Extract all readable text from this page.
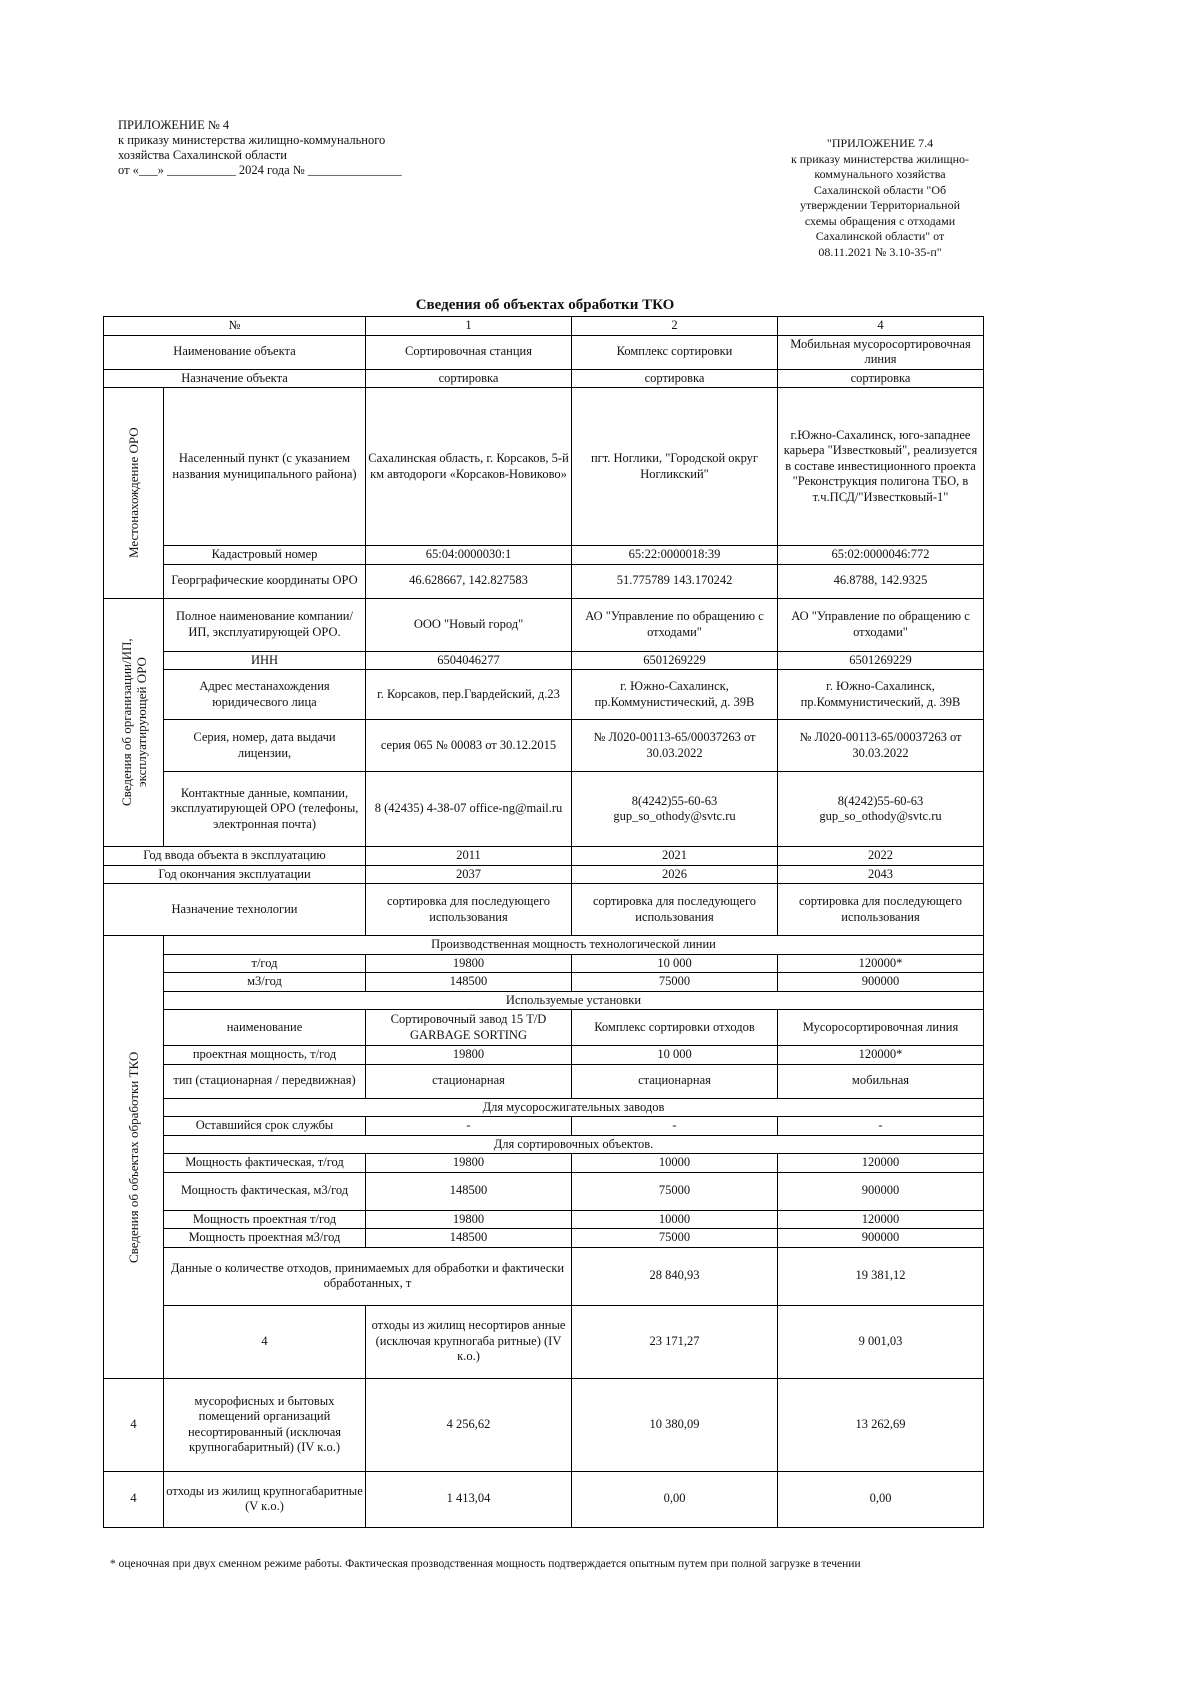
ПРИЛОЖЕНИЕ № 4
к приказу министерства жилищно-коммунального
хозяйства Сахалинской области
от «___» ___________ 2024 года № _______________
"ПРИЛОЖЕНИЕ 7.4
к приказу министерства жилищно-
коммунального хозяйства
Сахалинской области "Об
утверждении Территориальной
схемы обращения с отходами
Сахалинской области" от
08.11.2021 № 3.10-35-п"
Сведения об объектах обработки ТКО
№		1	2	4	
Наименование объекта		Сортировочная станция	Комплекс сортировки	Мобильная мусоросортировочная линия	
Назначение объекта		сортировка	сортировка	сортировка	

Местонахождение ОРО	Населенный пункт (с указанием названия муниципального района)	Сахалинская область, г. Корсаков, 5-й км автодороги «Корсаков-Новиково»	пгт. Ноглики, "Городской округ Ногликский"	г.Южно-Сахалинск, юго-западнее карьера "Известковый", реализуется в составе инвестиционного проекта "Реконструкция полигона ТБО, в т.ч.ПСД/"Известковый-1"	
	Кадастровый номер	65:04:0000030:1	65:22:0000018:39	65:02:0000046:772	
	Георграфические координаты ОРО	46.628667, 142.827583	51.775789 143.170242	46.8788, 142.9325	

Сведения об организации/ИП, эксплуатирующей ОРО	Полное наименование компании/ИП, эксплуатирующей ОРО.	ООО "Новый город"	АО "Управление по обращению с отходами"	АО "Управление по обращению с отходами"	
	ИНН	6504046277	6501269229	6501269229	
	Адрес местанахождения юридичесвого лица	г. Корсаков, пер.Гвардейский, д.23	г. Южно-Сахалинск, пр.Коммунистический, д. 39В	г. Южно-Сахалинск, пр.Коммунистический, д. 39В	
	Серия, номер, дата выдачи лицензии,	серия 065 № 00083 от 30.12.2015	№ Л020-00113-65/00037263 от 30.03.2022	№ Л020-00113-65/00037263 от 30.03.2022	
	Контактные данные, компании, эксплуатирующей ОРО (телефоны, электронная почта)	8 (42435) 4-38-07 office-ng@mail.ru	8(4242)55-60-63 gup_so_othody@svtc.ru	8(4242)55-60-63 gup_so_othody@svtc.ru	
Год ввода объекта в эксплуатацию		2011	2021	2022	
Год окончания эксплуатации		2037	2026	2043	
Назначение технологии		сортировка для последующего использования	сортировка для последующего использования	сортировка для последующего использования	

Сведения об объектах обработки ТКО	Производственная мощность технологической линии				
	т/год	19800	10 000	120000*	
	м3/год	148500	75000	900000	
	Используемые установки				
	наименование	Сортировочный завод 15 T/D GARBAGE SORTING	Комплекс сортировки отходов	Мусоросортировочная линия	
	проектная мощность, т/год	19800	10 000	120000*	
	тип (стационарная / передвижная)	стационарная	стационарная	мобильная	
	Для мусоросжигательных заводов				
	Оставшийся срок службы	-	-	-	
	Для сортировочных объектов.				
	Мощность фактическая, т/год	19800	10000	120000	
	Мощность фактическая, м3/год	148500	75000	900000	
	Мощность проектная т/год	19800	10000	120000	
	Мощность проектная м3/год	148500	75000	900000	
	Данные о количестве отходов, принимаемых для обработки и фактически обработанных, т		28 840,93	19 381,12	
	4	отходы из жилищ несортиров анные (исключая крупногаба ритные) (IV к.о.)	23 171,27	9 001,03	
4	мусорофисных и бытовых помещений организаций несортированный (исключая крупногабаритный) (IV к.о.)	4 256,62	10 380,09	13 262,69	
4	отходы из жилищ крупногабаритные (V к.о.)	1 413,04	0,00	0,00	
* оценочная при двух сменном режиме работы. Фактическая прозводственная мощность подтверждается опытным путем при полной загрузке в течении
